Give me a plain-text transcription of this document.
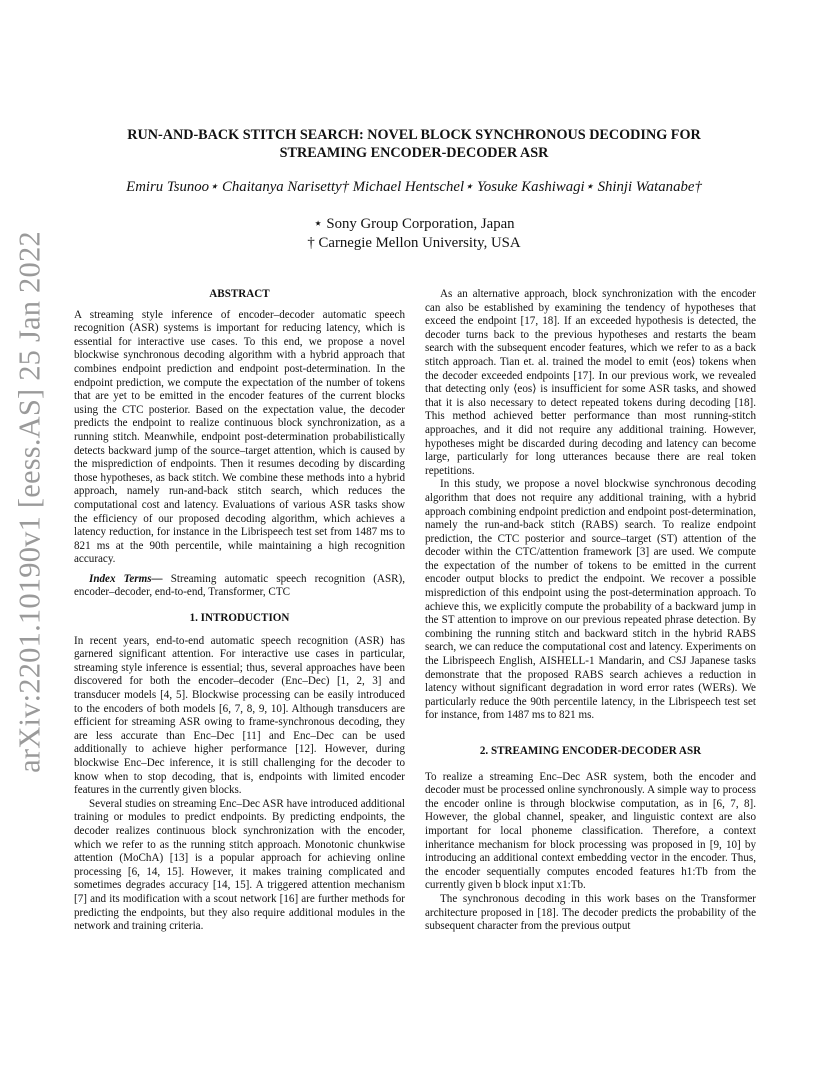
arXiv:2201.10190v1 [eess.AS] 25 Jan 2022
RUN-AND-BACK STITCH SEARCH: NOVEL BLOCK SYNCHRONOUS DECODING FOR
STREAMING ENCODER-DECODER ASR
Emiru Tsunoo⋆ Chaitanya Narisetty† Michael Hentschel⋆ Yosuke Kashiwagi⋆ Shinji Watanabe†
⋆ Sony Group Corporation, Japan
† Carnegie Mellon University, USA

ABSTRACT

A streaming style inference of encoder–decoder automatic speech recognition (ASR) systems is important for reducing latency, which is essential for interactive use cases. To this end, we propose a novel blockwise synchronous decoding algorithm with a hybrid approach that combines endpoint prediction and endpoint post-determination. In the endpoint prediction, we compute the expectation of the number of tokens that are yet to be emitted in the encoder features of the current blocks using the CTC posterior. Based on the expectation value, the decoder predicts the endpoint to realize continuous block synchronization, as a running stitch. Meanwhile, endpoint post-determination probabilistically detects backward jump of the source–target attention, which is caused by the misprediction of endpoints. Then it resumes decoding by discarding those hypotheses, as back stitch. We combine these methods into a hybrid approach, namely run-and-back stitch search, which reduces the computational cost and latency. Evaluations of various ASR tasks show the efficiency of our proposed decoding algorithm, which achieves a latency reduction, for instance in the Librispeech test set from 1487 ms to 821 ms at the 90th percentile, while maintaining a high recognition accuracy.

Index Terms— Streaming automatic speech recognition (ASR), encoder–decoder, end-to-end, Transformer, CTC

1. INTRODUCTION

In recent years, end-to-end automatic speech recognition (ASR) has garnered significant attention. For interactive use cases in particular, streaming style inference is essential; thus, several approaches have been discovered for both the encoder–decoder (Enc–Dec) [1, 2, 3] and transducer models [4, 5]. Blockwise processing can be easily introduced to the encoders of both models [6, 7, 8, 9, 10]. Although transducers are efficient for streaming ASR owing to frame-synchronous decoding, they are less accurate than Enc–Dec [11] and Enc–Dec can be used additionally to achieve higher performance [12]. However, during blockwise Enc–Dec inference, it is still challenging for the decoder to know when to stop decoding, that is, endpoints with limited encoder features in the currently given blocks.

Several studies on streaming Enc–Dec ASR have introduced additional training or modules to predict endpoints. By predicting endpoints, the decoder realizes continuous block synchronization with the encoder, which we refer to as the running stitch approach. Monotonic chunkwise attention (MoChA) [13] is a popular approach for achieving online processing [6, 14, 15]. However, it makes training complicated and sometimes degrades accuracy [14, 15]. A triggered attention mechanism [7] and its modification with a scout network [16] are further methods for predicting the endpoints, but they also require additional modules in the network and training criteria.

As an alternative approach, block synchronization with the encoder can also be established by examining the tendency of hypotheses that exceed the endpoint [17, 18]. If an exceeded hypothesis is detected, the decoder turns back to the previous hypotheses and restarts the beam search with the subsequent encoder features, which we refer to as a back stitch approach. Tian et. al. trained the model to emit ⟨eos⟩ tokens when the decoder exceeded endpoints [17]. In our previous work, we revealed that detecting only ⟨eos⟩ is insufficient for some ASR tasks, and showed that it is also necessary to detect repeated tokens during decoding [18]. This method achieved better performance than most running-stitch approaches, and it did not require any additional training. However, hypotheses might be discarded during decoding and latency can become large, particularly for long utterances because there are real token repetitions.

In this study, we propose a novel blockwise synchronous decoding algorithm that does not require any additional training, with a hybrid approach combining endpoint prediction and endpoint post-determination, namely the run-and-back stitch (RABS) search. To realize endpoint prediction, the CTC posterior and source–target (ST) attention of the decoder within the CTC/attention framework [3] are used. We compute the expectation of the number of tokens to be emitted in the current encoder output blocks to predict the endpoint. We recover a possible misprediction of this endpoint using the post-determination approach. To achieve this, we explicitly compute the probability of a backward jump in the ST attention to improve on our previous repeated phrase detection. By combining the running stitch and backward stitch in the hybrid RABS search, we can reduce the computational cost and latency. Experiments on the Librispeech English, AISHELL-1 Mandarin, and CSJ Japanese tasks demonstrate that the proposed RABS search achieves a reduction in latency without significant degradation in word error rates (WERs). We particularly reduce the 90th percentile latency, in the Librispeech test set for instance, from 1487 ms to 821 ms.

2. STREAMING ENCODER-DECODER ASR

To realize a streaming Enc–Dec ASR system, both the encoder and decoder must be processed online synchronously. A simple way to process the encoder online is through blockwise computation, as in [6, 7, 8]. However, the global channel, speaker, and linguistic context are also important for local phoneme classification. Therefore, a context inheritance mechanism for block processing was proposed in [9, 10] by introducing an additional context embedding vector in the encoder. Thus, the encoder sequentially computes encoded features h1:Tb from the currently given b block input x1:Tb.

The synchronous decoding in this work bases on the Transformer architecture proposed in [18]. The decoder predicts the probability of the subsequent character from the previous output
